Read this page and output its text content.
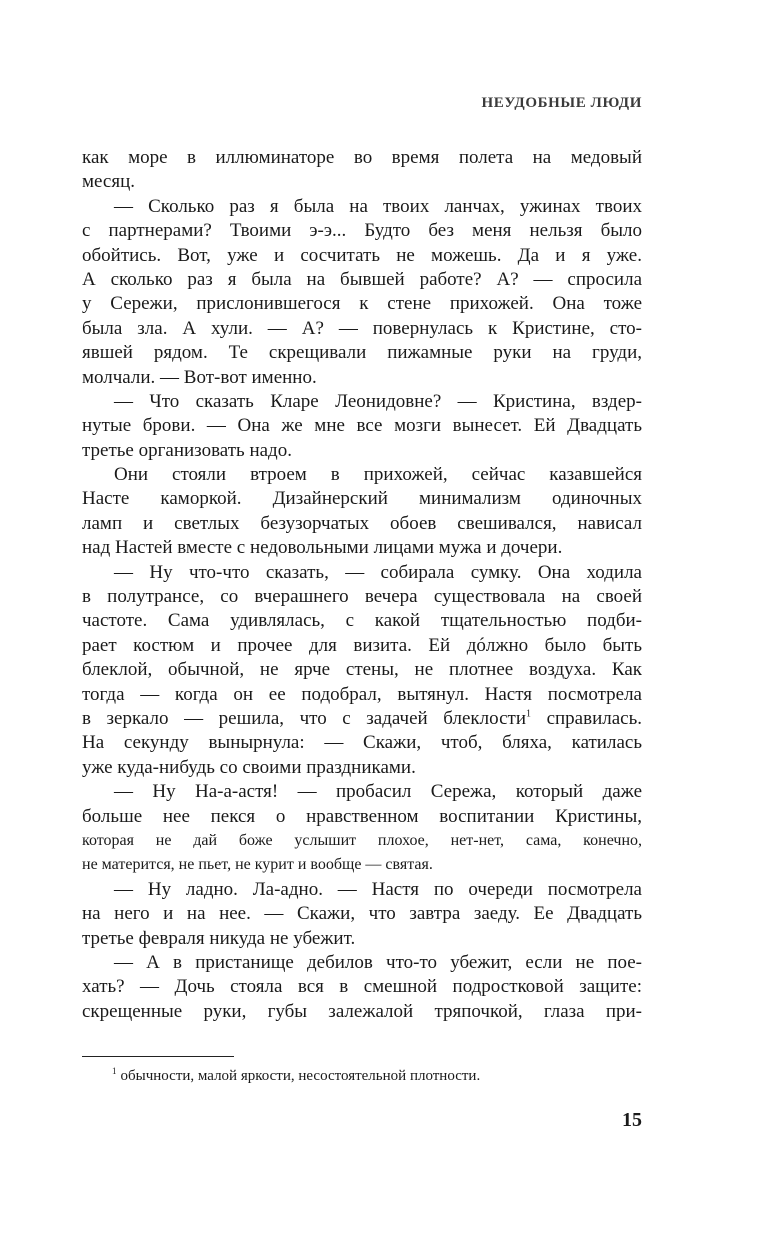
НЕУДОБНЫЕ ЛЮДИ
как море в иллюминаторе во время полета на медовый
месяц.
— Сколько раз я была на твоих ланчах, ужинах твоих
с партнерами? Твоими э-э... Будто без меня нельзя было
обойтись. Вот, уже и сосчитать не можешь. Да и я уже.
А сколько раз я была на бывшей работе? А? — спросила
у Сережи, прислонившегося к стене прихожей. Она тоже
была зла. А хули. — А? — повернулась к Кристине, сто-
явшей рядом. Те скрещивали пижамные руки на груди,
молчали. — Вот-вот именно.
— Что сказать Кларе Леонидовне? — Кристина, вздер-
нутые брови. — Она же мне все мозги вынесет. Ей Двадцать
третье организовать надо.
Они стояли втроем в прихожей, сейчас казавшейся
Насте каморкой. Дизайнерский минимализм одиночных
ламп и светлых безузорчатых обоев свешивался, нависал
над Настей вместе с недовольными лицами мужа и дочери.
— Ну что-что сказать, — собирала сумку. Она ходила
в полутрансе, со вчерашнего вечера существовала на своей
частоте. Сама удивлялась, с какой тщательностью подби-
рает костюм и прочее для визита. Ей дóлжно было быть
блеклой, обычной, не ярче стены, не плотнее воздуха. Как
тогда — когда он ее подобрал, вытянул. Настя посмотрела
в зеркало — решила, что с задачей блеклости$^1$ справилась.
На секунду вынырнула: — Скажи, чтоб, бляха, катилась
уже куда-нибудь со своими праздниками.
— Ну На-а-астя! — пробасил Сережа, который даже
больше нее пекся о нравственном воспитании Кристины,
которая не дай боже услышит плохое, нет-нет, сама, конечно,
не матерится, не пьет, не курит и вообще — святая.
— Ну ладно. Ла-адно. — Настя по очереди посмотрела
на него и на нее. — Скажи, что завтра заеду. Ее Двадцать
третье февраля никуда не убежит.
— А в пристанище дебилов что-то убежит, если не пое-
хать? — Дочь стояла вся в смешной подростковой защите:
скрещенные руки, губы залежалой тряпочкой, глаза при-
$^1$ обычности, малой яркости, несостоятельной плотности.
15
